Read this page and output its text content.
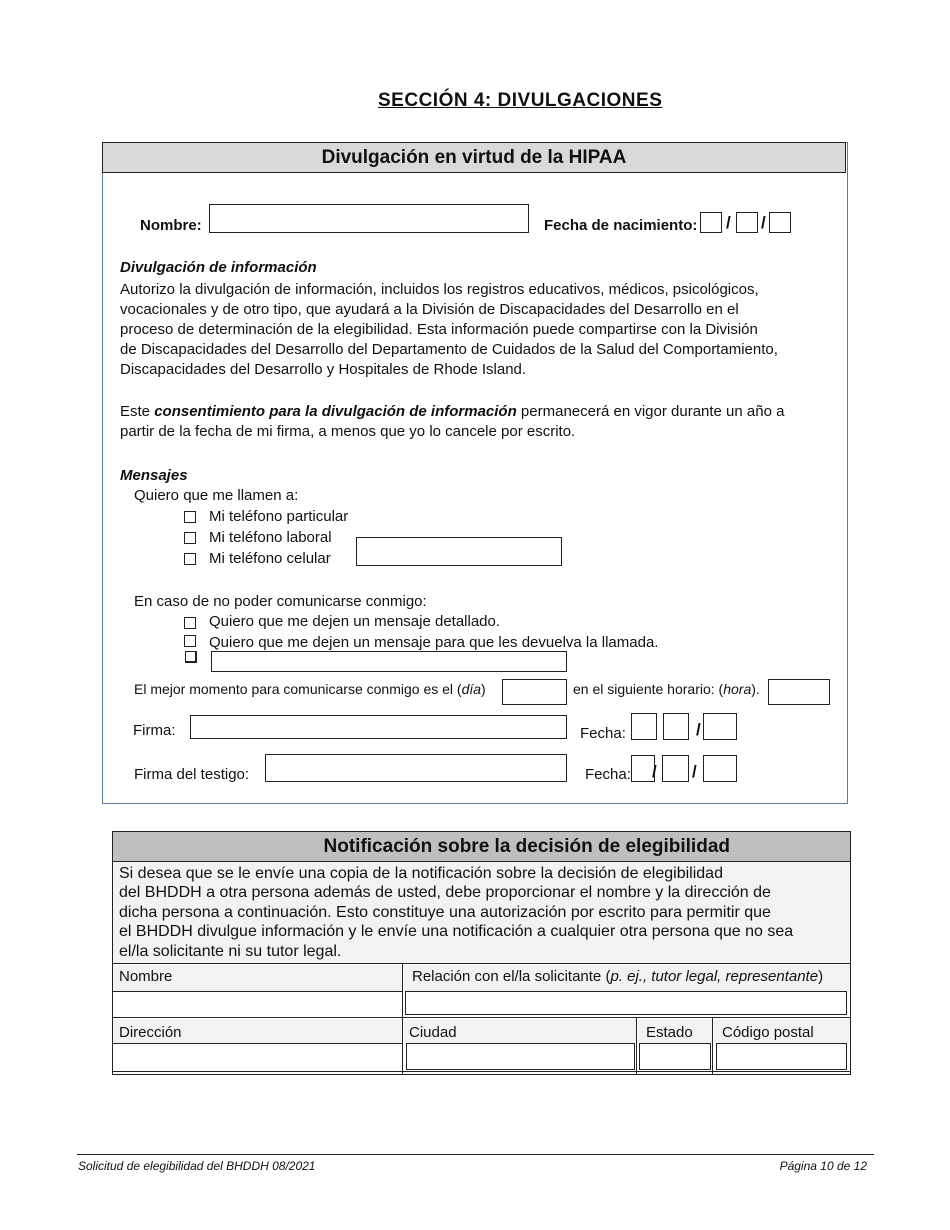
SECCIÓN 4: DIVULGACIONES
Divulgación en virtud de la HIPAA
Nombre:	Fecha de nacimiento: / /
Divulgación de información
Autorizo la divulgación de información, incluidos los registros educativos, médicos, psicológicos,
vocacionales y de otro tipo, que ayudará a la División de Discapacidades del Desarrollo en el
proceso de determinación de la elegibilidad. Esta información puede compartirse con la División
de Discapacidades del Desarrollo del Departamento de Cuidados de la Salud del Comportamiento,
Discapacidades del Desarrollo y Hospitales de Rhode Island.
Este consentimiento para la divulgación de información permanecerá en vigor durante un año a
partir de la fecha de mi firma, a menos que yo lo cancele por escrito.
Mensajes
Quiero que me llamen a:
Mi teléfono particular
Mi teléfono laboral
Mi teléfono celular
En caso de no poder comunicarse conmigo:
Quiero que me dejen un mensaje detallado.
Quiero que me dejen un mensaje para que les devuelva la llamada.
El mejor momento para comunicarse conmigo es el (día)	en el siguiente horario: (hora).
Firma:	Fecha:	/
Firma del testigo:	Fecha: / /
Notificación sobre la decisión de elegibilidad
Si desea que se le envíe una copia de la notificación sobre la decisión de elegibilidad
del BHDDH a otra persona además de usted, debe proporcionar el nombre y la dirección de
dicha persona a continuación. Esto constituye una autorización por escrito para permitir que
el BHDDH divulgue información y le envíe una notificación a cualquier otra persona que no sea
el/la solicitante ni su tutor legal.
Nombre	Relación con el/la solicitante (p. ej., tutor legal, representante)
Dirección	Ciudad	Estado Código postal
Solicitud de elegibilidad del BHDDH 08/2021	Página 10 de 12
